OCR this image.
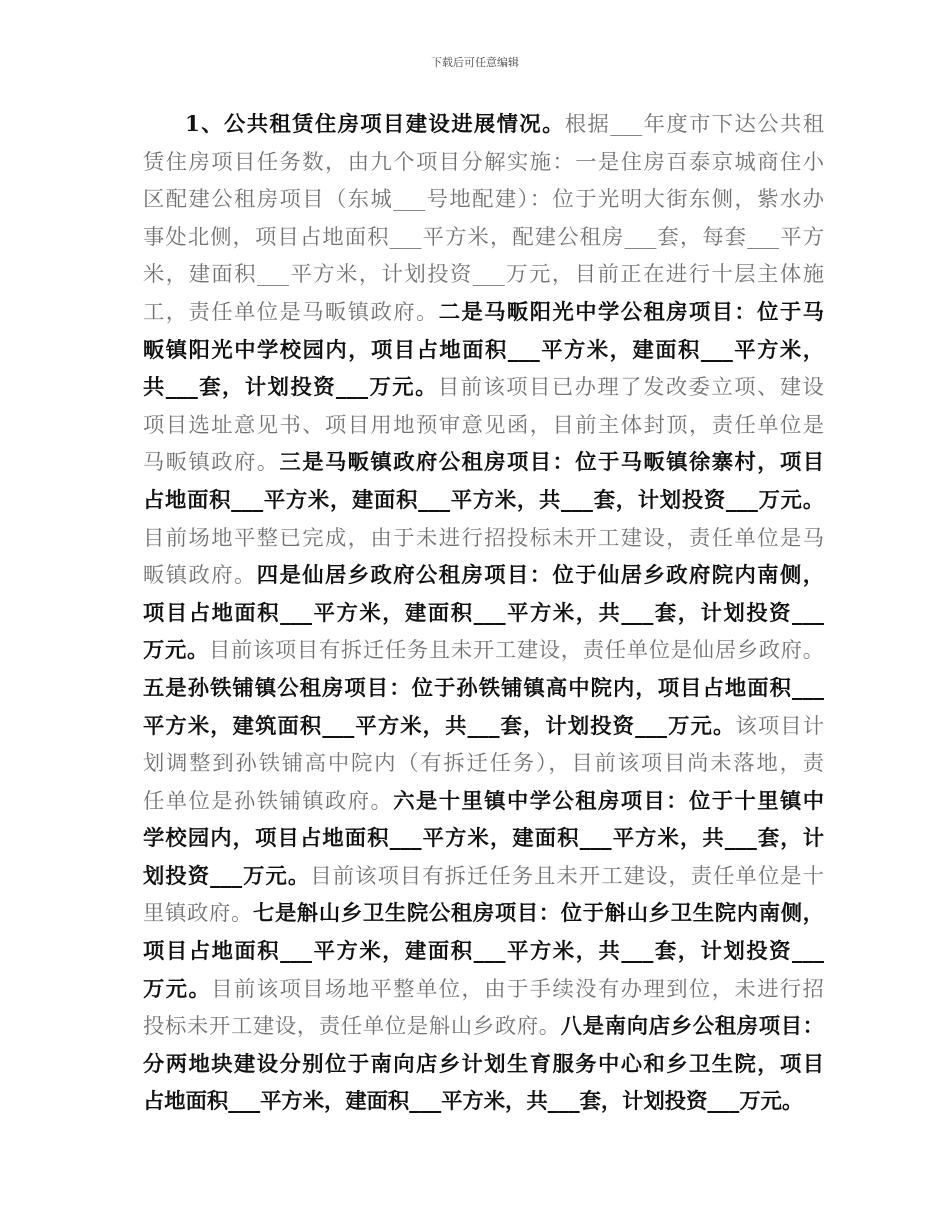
下载后可任意编辑
1、公共租赁住房项目建设进展情况。根据___年度市下达公共租
赁住房项目任务数，由九个项目分解实施：一是住房百泰京城商住小
区配建公租房项目（东城___号地配建）：位于光明大街东侧，紫水办
事处北侧，项目占地面积___平方米，配建公租房___套，每套___平方
米，建面积___平方米，计划投资___万元，目前正在进行十层主体施
工，责任单位是马畈镇政府。二是马畈阳光中学公租房项目：位于马
畈镇阳光中学校园内，项目占地面积___平方米，建面积___平方米，
共___套，计划投资___万元。目前该项目已办理了发改委立项、建设
项目选址意见书、项目用地预审意见函，目前主体封顶，责任单位是
马畈镇政府。三是马畈镇政府公租房项目：位于马畈镇徐寨村，项目
占地面积___平方米，建面积___平方米，共___套，计划投资___万元。
目前场地平整已完成，由于未进行招投标未开工建设，责任单位是马
畈镇政府。四是仙居乡政府公租房项目：位于仙居乡政府院内南侧，
项目占地面积___平方米，建面积___平方米，共___套，计划投资___
万元。目前该项目有拆迁任务且未开工建设，责任单位是仙居乡政府。
五是孙铁铺镇公租房项目：位于孙铁铺镇高中院内，项目占地面积___
平方米，建筑面积___平方米，共___套，计划投资___万元。该项目计
划调整到孙铁铺高中院内（有拆迁任务），目前该项目尚未落地，责
任单位是孙铁铺镇政府。六是十里镇中学公租房项目：位于十里镇中
学校园内，项目占地面积___平方米，建面积___平方米，共___套，计
划投资___万元。目前该项目有拆迁任务且未开工建设，责任单位是十
里镇政府。七是斛山乡卫生院公租房项目：位于斛山乡卫生院内南侧，
项目占地面积___平方米，建面积___平方米，共___套，计划投资___
万元。目前该项目场地平整单位，由于手续没有办理到位，未进行招
投标未开工建设，责任单位是斛山乡政府。八是南向店乡公租房项目：
分两地块建设分别位于南向店乡计划生育服务中心和乡卫生院，项目
占地面积___平方米，建面积___平方米，共___套，计划投资___万元。
